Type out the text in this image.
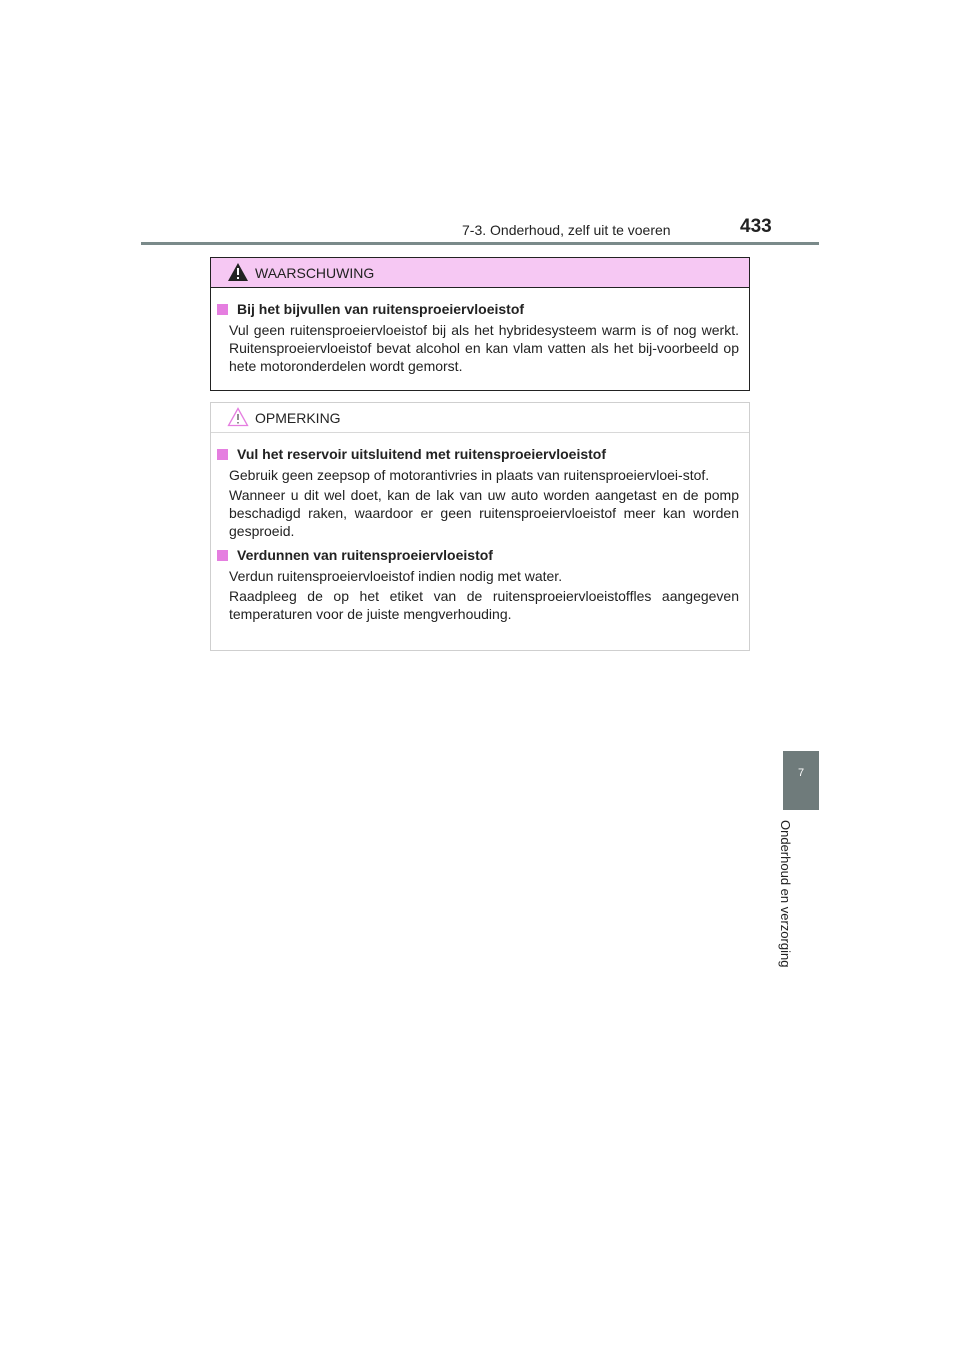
7-3. Onderhoud, zelf uit te voeren	433
7
Onderhoud en verzorging
WAARSCHUWING

Bij het bijvullen van ruitensproeiervloeistof

Vul geen ruitensproeiervloeistof bij als het hybridesysteem warm is of nog werkt. Ruitensproeiervloeistof bevat alcohol en kan vlam vatten als het bij-voorbeeld op hete motoronderdelen wordt gemorst.

OPMERKING

Vul het reservoir uitsluitend met ruitensproeiervloeistof

Gebruik geen zeepsop of motorantivries in plaats van ruitensproeiervloei-stof.

Wanneer u dit wel doet, kan de lak van uw auto worden aangetast en de pomp beschadigd raken, waardoor er geen ruitensproeiervloeistof meer kan worden gesproeid.

Verdunnen van ruitensproeiervloeistof

Verdun ruitensproeiervloeistof indien nodig met water.

Raadpleeg de op het etiket van de ruitensproeiervloeistoffles aangegeven temperaturen voor de juiste mengverhouding.
